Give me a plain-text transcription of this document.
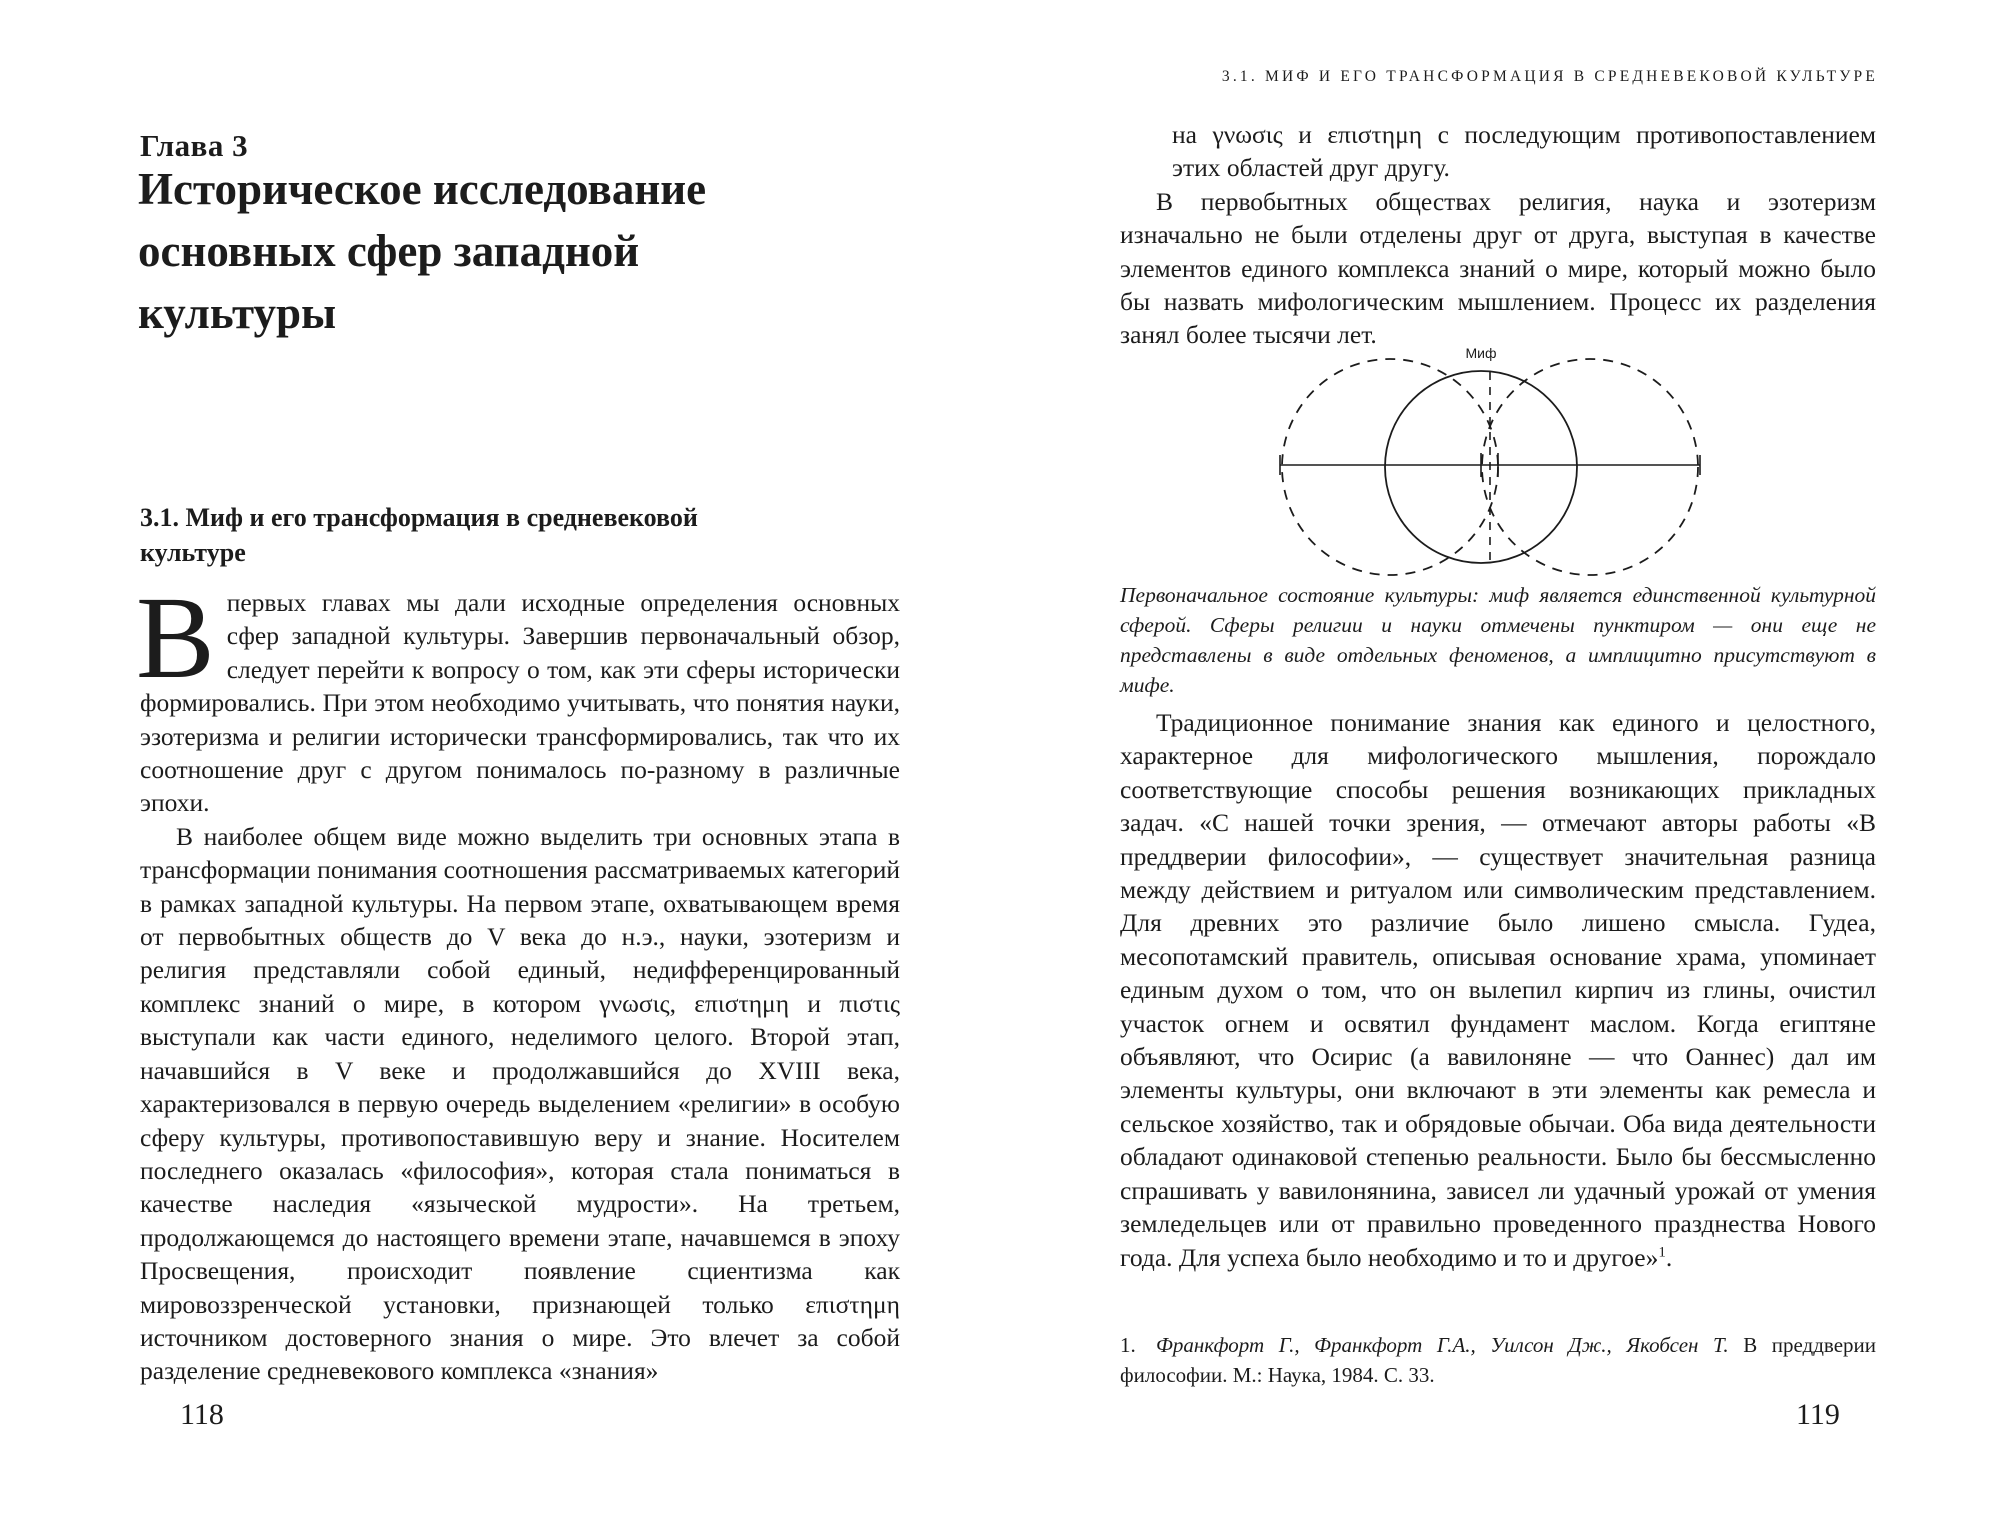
Глава 3
Историческое исследование основных сфер западной культуры
3.1. Миф и его трансформация в средневековой культуре

В первых главах мы дали исходные определения основных сфер западной культуры. Завершив первоначальный обзор, следует перейти к вопросу о том, как эти сферы исторически формировались. При этом необходимо учитывать, что понятия науки, эзотеризма и религии исторически трансформировались, так что их соотношение друг с другом понималось по-разному в различные эпохи.

В наиболее общем виде можно выделить три основных этапа в трансформации понимания соотношения рассматриваемых категорий в рамках западной культуры. На первом этапе, охватывающем время от первобытных обществ до V века до н.э., науки, эзотеризм и религия представляли собой единый, недифференцированный комплекс знаний о мире, в котором γνωσις, επιστημη и πιστις выступали как части единого, неделимого целого. Второй этап, начавшийся в V веке и продолжавшийся до XVIII века, характеризовался в первую очередь выделением «религии» в особую сферу культуры, противопоставившую веру и знание. Носителем последнего оказалась «философия», которая стала пониматься в качестве наследия «языческой мудрости». На третьем, продолжающемся до настоящего времени этапе, начавшемся в эпоху Просвещения, происходит появление сциентизма как мировоззренческой установки, признающей только επιστημη источником достоверного знания о мире. Это влечет за собой разделение средневекового комплекса «знания»

118
3.1. МИФ И ЕГО ТРАНСФОРМАЦИЯ В СРЕДНЕВЕКОВОЙ КУЛЬТУРЕ

на γνωσις и επιστημη с последующим противопоставлением этих областей друг другу.

В первобытных обществах религия, наука и эзотеризм изначально не были отделены друг от друга, выступая в качестве элементов единого комплекса знаний о мире, который можно было бы назвать мифологическим мышлением. Процесс их разделения занял более тысячи лет.

Миф

Первоначальное состояние культуры: миф является единственной культурной сферой. Сферы религии и науки отмечены пунктиром — они еще не представлены в виде отдельных феноменов, а имплицитно присутствуют в мифе.

Традиционное понимание знания как единого и целостного, характерное для мифологического мышления, порождало соответствующие способы решения возникающих прикладных задач. «С нашей точки зрения, — отмечают авторы работы «В преддверии философии», — существует значительная разница между действием и ритуалом или символическим представлением. Для древних это различие было лишено смысла. Гудеа, месопотамский правитель, описывая основание храма, упоминает единым духом о том, что он вылепил кирпич из глины, очистил участок огнем и освятил фундамент маслом. Когда египтяне объявляют, что Осирис (а вавилоняне — что Оаннес) дал им элементы культуры, они включают в эти элементы как ремесла и сельское хозяйство, так и обрядовые обычаи. Оба вида деятельности обладают одинаковой степенью реальности. Было бы бессмысленно спрашивать у вавилонянина, зависел ли удачный урожай от умения земледельцев или от правильно проведенного празднества Нового года. Для успеха было необходимо и то и другое»$^1$.

1. Франкфорт Г., Франкфорт Г.А., Уилсон Дж., Якобсен Т. В преддверии философии. М.: Наука, 1984. С. 33.

119
